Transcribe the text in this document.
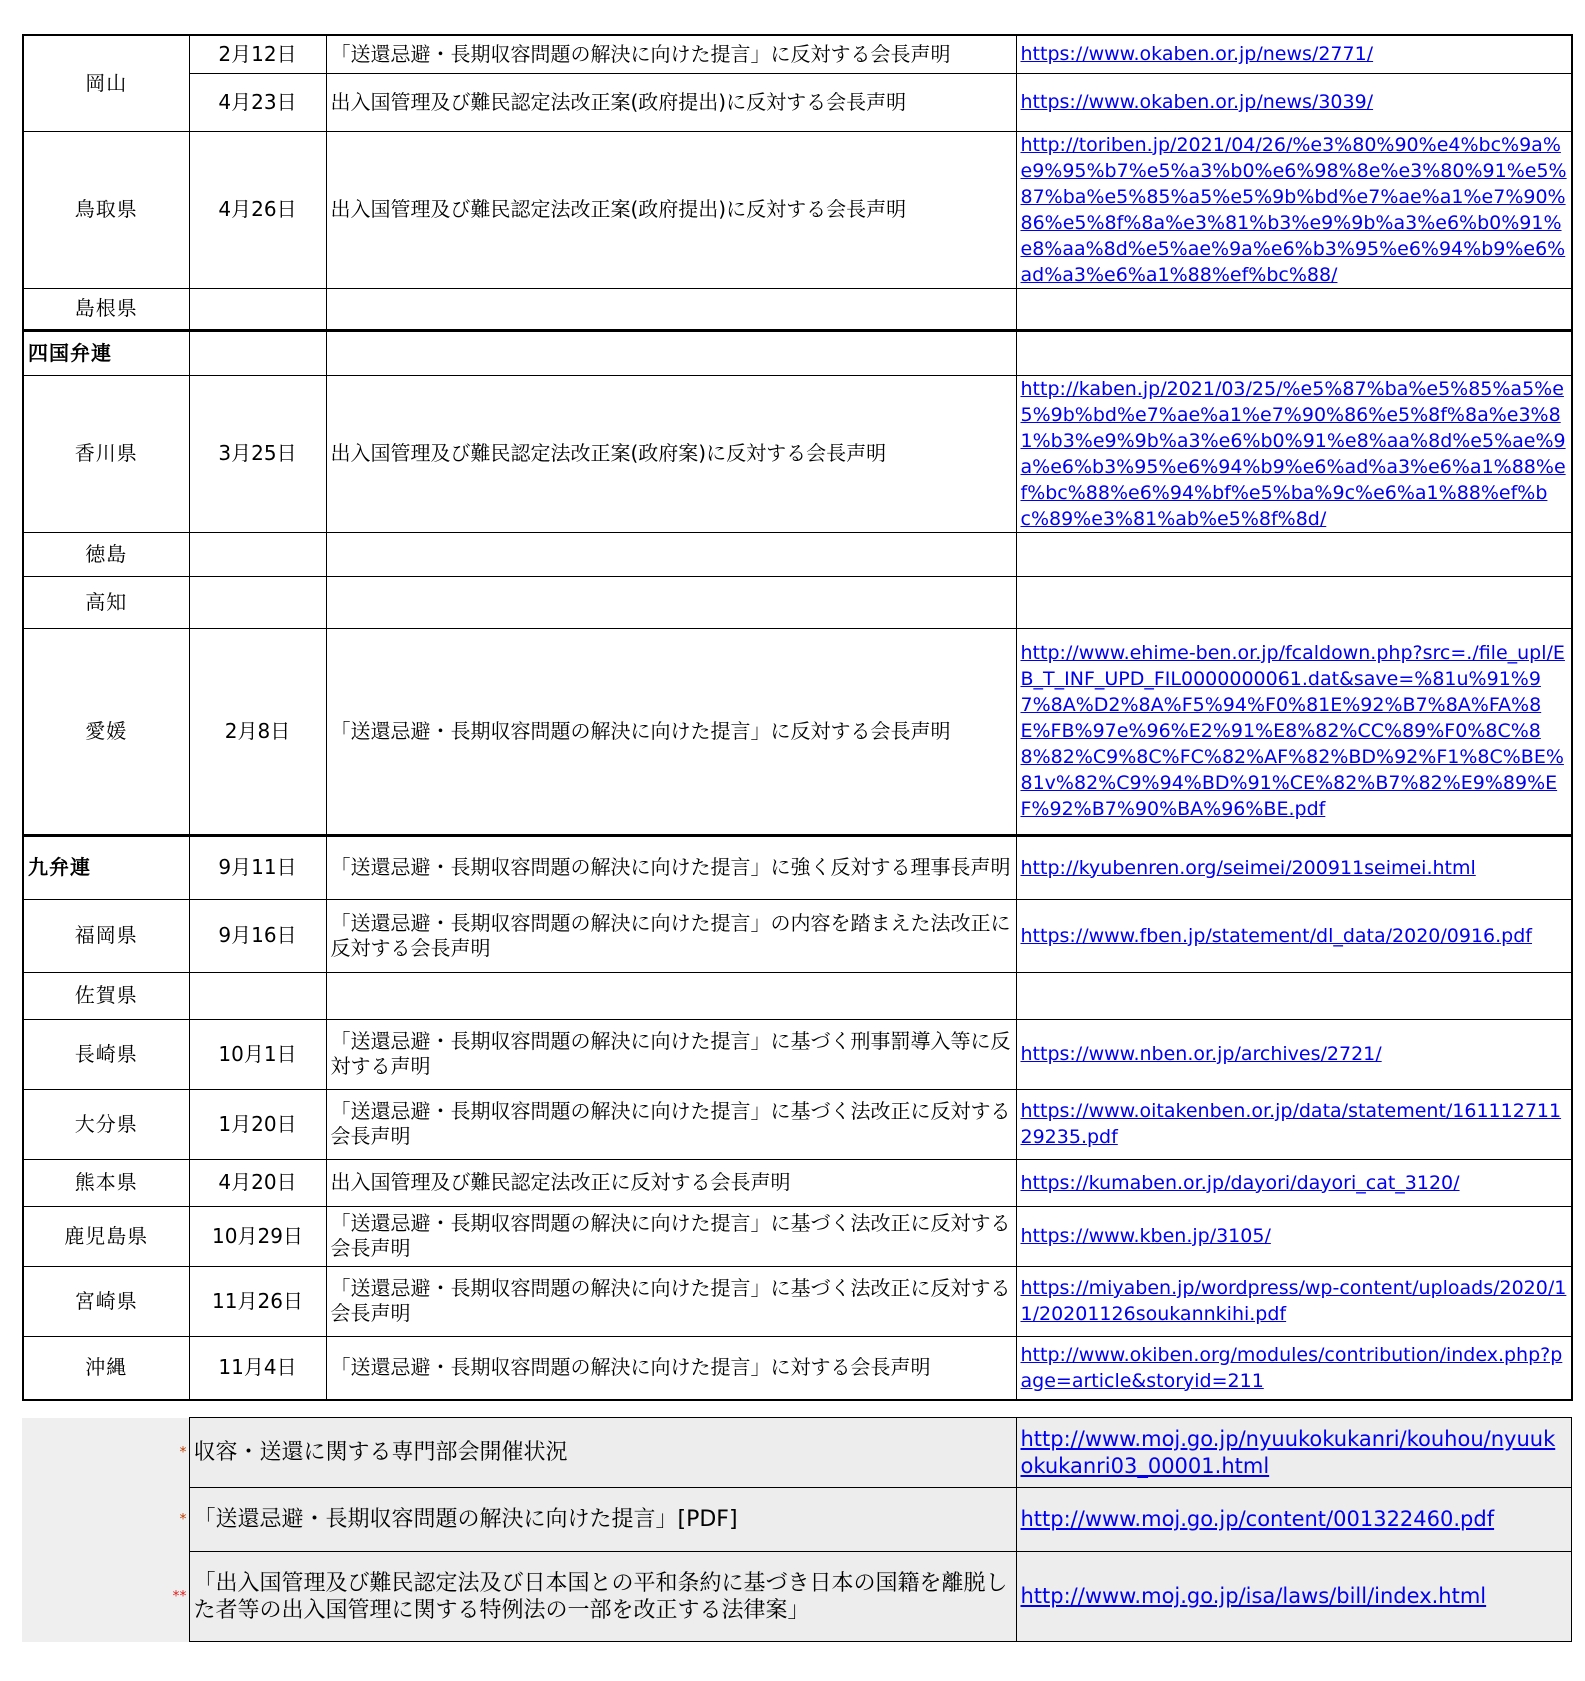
岡山	2月12日	「送還忌避・長期収容問題の解決に向けた提言」に反対する会長声明	https://www.okaben.or.jp/news/2771/
	4月23日	出入国管理及び難民認定法改正案(政府提出)に反対する会長声明	https://www.okaben.or.jp/news/3039/
鳥取県	4月26日	出入国管理及び難民認定法改正案(政府提出)に反対する会長声明	http://toriben.jp/2021/04/26/%e3%80%90%e4%bc%9a%e9%95%b7%e5%a3%b0%e6%98%8e%e3%80%91%e5%87%ba%e5%85%a5%e5%9b%bd%e7%ae%a1%e7%90%86%e5%8f%8a%e3%81%b3%e9%9b%a3%e6%b0%91%e8%aa%8d%e5%ae%9a%e6%b3%95%e6%94%b9%e6%ad%a3%e6%a1%88%ef%bc%88/
島根県			
四国弁連			
香川県	3月25日	出入国管理及び難民認定法改正案(政府案)に反対する会長声明	http://kaben.jp/2021/03/25/%e5%87%ba%e5%85%a5%e5%9b%bd%e7%ae%a1%e7%90%86%e5%8f%8a%e3%81%b3%e9%9b%a3%e6%b0%91%e8%aa%8d%e5%ae%9a%e6%b3%95%e6%94%b9%e6%ad%a3%e6%a1%88%ef%bc%88%e6%94%bf%e5%ba%9c%e6%a1%88%ef%bc%89%e3%81%ab%e5%8f%8d/
徳島			
高知			
愛媛	2月8日	「送還忌避・長期収容問題の解決に向けた提言」に反対する会長声明	http://www.ehime-ben.or.jp/fcaldown.php?src=./file_upl/EB_T_INF_UPD_FIL0000000061.dat&save=%81u%91%97%8A%D2%8A%F5%94%F0%81E%92%B7%8A%FA%8E%FB%97e%96%E2%91%E8%82%CC%89%F0%8C%88%82%C9%8C%FC%82%AF%82%BD%92%F1%8C%BE%81v%82%C9%94%BD%91%CE%82%B7%82%E9%89%EF%92%B7%90%BA%96%BE.pdf
九弁連	9月11日	「送還忌避・長期収容問題の解決に向けた提言」に強く反対する理事長声明	http://kyubenren.org/seimei/200911seimei.html
福岡県	9月16日	「送還忌避・長期収容問題の解決に向けた提言」の内容を踏まえた法改正に反対する会長声明	https://www.fben.jp/statement/dl_data/2020/0916.pdf
佐賀県			
長崎県	10月1日	「送還忌避・長期収容問題の解決に向けた提言」に基づく刑事罰導入等に反対する声明	https://www.nben.or.jp/archives/2721/
大分県	1月20日	「送還忌避・長期収容問題の解決に向けた提言」に基づく法改正に反対する会長声明	https://www.oitakenben.or.jp/data/statement/16111271129235.pdf
熊本県	4月20日	出入国管理及び難民認定法改正に反対する会長声明	https://kumaben.or.jp/dayori/dayori_cat_3120/
鹿児島県	10月29日	「送還忌避・長期収容問題の解決に向けた提言」に基づく法改正に反対する会長声明	https://www.kben.jp/3105/
宮崎県	11月26日	「送還忌避・長期収容問題の解決に向けた提言」に基づく法改正に反対する会長声明	https://miyaben.jp/wordpress/wp-content/uploads/2020/11/20201126soukannkihi.pdf
沖縄	11月4日	「送還忌避・長期収容問題の解決に向けた提言」に対する会長声明	http://www.okiben.org/modules/contribution/index.php?page=article&storyid=211
*	収容・送還に関する専門部会開催状況	http://www.moj.go.jp/nyuukokukanri/kouhou/nyuukokukanri03_00001.html
*	「送還忌避・長期収容問題の解決に向けた提言」[PDF]	http://www.moj.go.jp/content/001322460.pdf
**	「出入国管理及び難民認定法及び日本国との平和条約に基づき日本の国籍を離脱した者等の出入国管理に関する特例法の一部を改正する法律案」	http://www.moj.go.jp/isa/laws/bill/index.html
